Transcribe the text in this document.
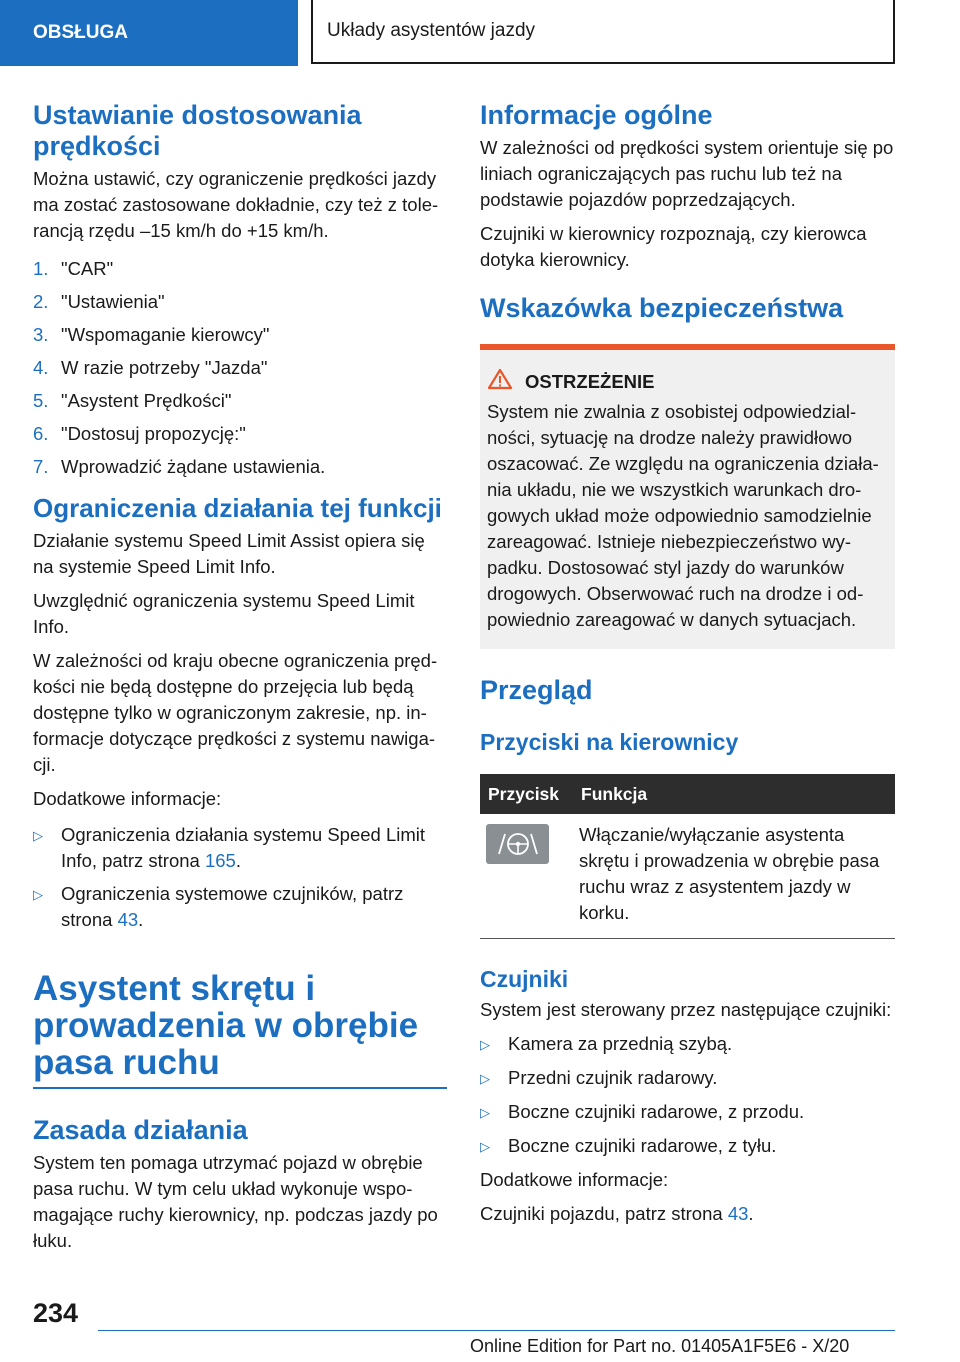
OBSŁUGA	Układy asystentów jazdy
Ustawianie dostosowania prędkości

Można ustawić, czy ograniczenie prędkości jazdy ma zostać zastosowane dokładnie, czy też z tolerancją rzędu –15 km/h do +15 km/h.

1. "CAR"
2. "Ustawienia"
3. "Wspomaganie kierowcy"
4. W razie potrzeby "Jazda"
5. "Asystent Prędkości"
6. "Dostosuj propozycję:"
7. Wprowadzić żądane ustawienia.
Ograniczenia działania tej funkcji

Działanie systemu Speed Limit Assist opiera się na systemie Speed Limit Info.

Uwzględnić ograniczenia systemu Speed Limit Info.

W zależności od kraju obecne ograniczenia prędkości nie będą dostępne do przejęcia lub będą dostępne tylko w ograniczonym zakresie, np. informacje dotyczące prędkości z systemu nawigacji.

Dodatkowe informacje:

▷ Ograniczenia działania systemu Speed Limit Info, patrz strona 165.
▷ Ograniczenia systemowe czujników, patrz strona 43.
Asystent skrętu i prowadzenia w obrębie pasa ruchu
Zasada działania

System ten pomaga utrzymać pojazd w obrębie pasa ruchu. W tym celu układ wykonuje wspomagające ruchy kierownicy, np. podczas jazdy po łuku.

Informacje ogólne

W zależności od prędkości system orientuje się po liniach ograniczających pas ruchu lub też na podstawie pojazdów poprzedzających.

Czujniki w kierownicy rozpoznają, czy kierowca dotyka kierownicy.

Wskazówka bezpieczeństwa
OSTRZEŻENIE

System nie zwalnia z osobistej odpowiedzialności, sytuację na drodze należy prawidłowo oszacować. Ze względu na ograniczenia działania układu, nie we wszystkich warunkach drogowych układ może odpowiednio samodzielnie zareagować. Istnieje niebezpieczeństwo wypadku. Dostosować styl jazdy do warunków drogowych. Obserwować ruch na drodze i odpowiednio zareagować w danych sytuacjach.

Przegląd
Przyciski na kierownicy
Przycisk	Funkcja

	Włączanie/wyłączanie asystenta skrętu i prowadzenia w obrębie pasa ruchu wraz z asystentem jazdy w korku.
Czujniki

System jest sterowany przez następujące czujniki:

▷ Kamera za przednią szybą.
▷ Przedni czujnik radarowy.
▷ Boczne czujniki radarowe, z przodu.
▷ Boczne czujniki radarowe, z tyłu.

Dodatkowe informacje:

Czujniki pojazdu, patrz strona 43.

234
Online Edition for Part no. 01405A1F5E6 - X/20
